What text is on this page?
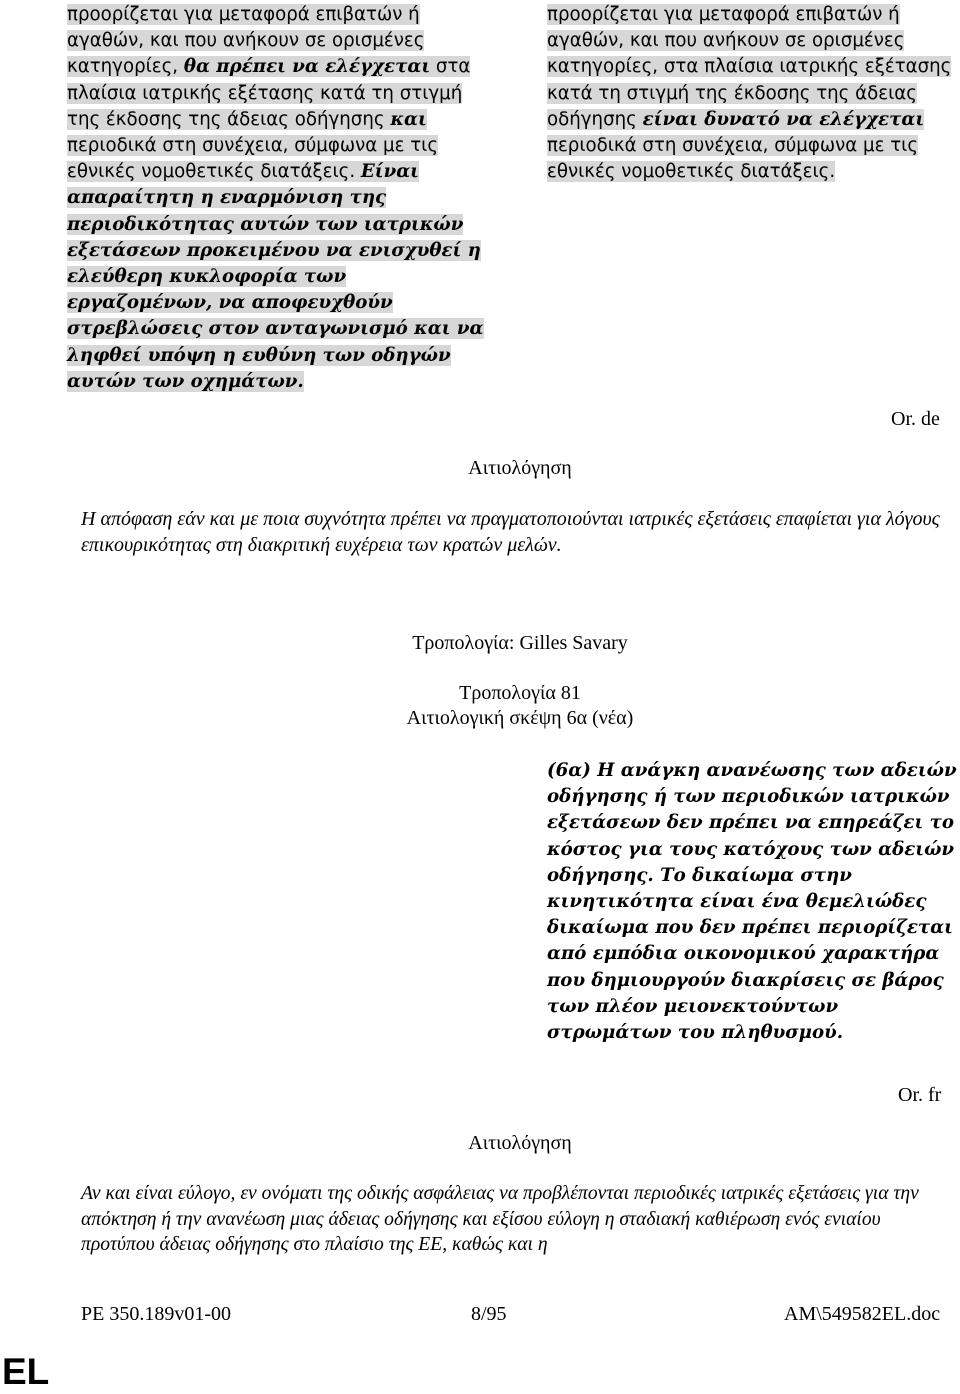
προορίζεται για μεταφορά επιβατών ή αγαθών, και που ανήκουν σε ορισμένες κατηγορίες, θα πρέπει να ελέγχεται στα πλαίσια ιατρικής εξέτασης κατά τη στιγμή της έκδοσης της άδειας οδήγησης και περιοδικά στη συνέχεια, σύμφωνα με τις εθνικές νομοθετικές διατάξεις. Είναι απαραίτητη η εναρμόνιση της περιοδικότητας αυτών των ιατρικών εξετάσεων προκειμένου να ενισχυθεί η ελεύθερη κυκλοφορία των εργαζομένων, να αποφευχθούν στρεβλώσεις στον ανταγωνισμό και να ληφθεί υπόψη η ευθύνη των οδηγών αυτών των οχημάτων.
προορίζεται για μεταφορά επιβατών ή αγαθών, και που ανήκουν σε ορισμένες κατηγορίες, στα πλαίσια ιατρικής εξέτασης κατά τη στιγμή της έκδοσης της άδειας οδήγησης είναι δυνατό να ελέγχεται περιοδικά στη συνέχεια, σύμφωνα με τις εθνικές νομοθετικές διατάξεις.
Or. de
Αιτιολόγηση
Η απόφαση εάν και με ποια συχνότητα πρέπει να πραγματοποιούνται ιατρικές εξετάσεις επαφίεται για λόγους επικουρικότητας στη διακριτική ευχέρεια των κρατών μελών.
Τροπολογία: Gilles Savary
Τροπολογία 81
Αιτιολογική σκέψη 6α (νέα)
(6α) Η ανάγκη ανανέωσης των αδειών οδήγησης ή των περιοδικών ιατρικών εξετάσεων δεν πρέπει να επηρεάζει το κόστος για τους κατόχους των αδειών οδήγησης. Το δικαίωμα στην κινητικότητα είναι ένα θεμελιώδες δικαίωμα που δεν πρέπει περιορίζεται από εμπόδια οικονομικού χαρακτήρα που δημιουργούν διακρίσεις σε βάρος των πλέον μειονεκτούντων στρωμάτων του πληθυσμού.
Or. fr
Αιτιολόγηση
Αν και είναι εύλογο, εν ονόματι της οδικής ασφάλειας να προβλέπονται περιοδικές ιατρικές εξετάσεις για την απόκτηση ή την ανανέωση μιας άδειας οδήγησης και εξίσου εύλογη η σταδιακή καθιέρωση ενός ενιαίου προτύπου άδειας οδήγησης στο πλαίσιο της ΕΕ, καθώς και η
PE 350.189v01-00	8/95	AM\549582EL.doc
EL
